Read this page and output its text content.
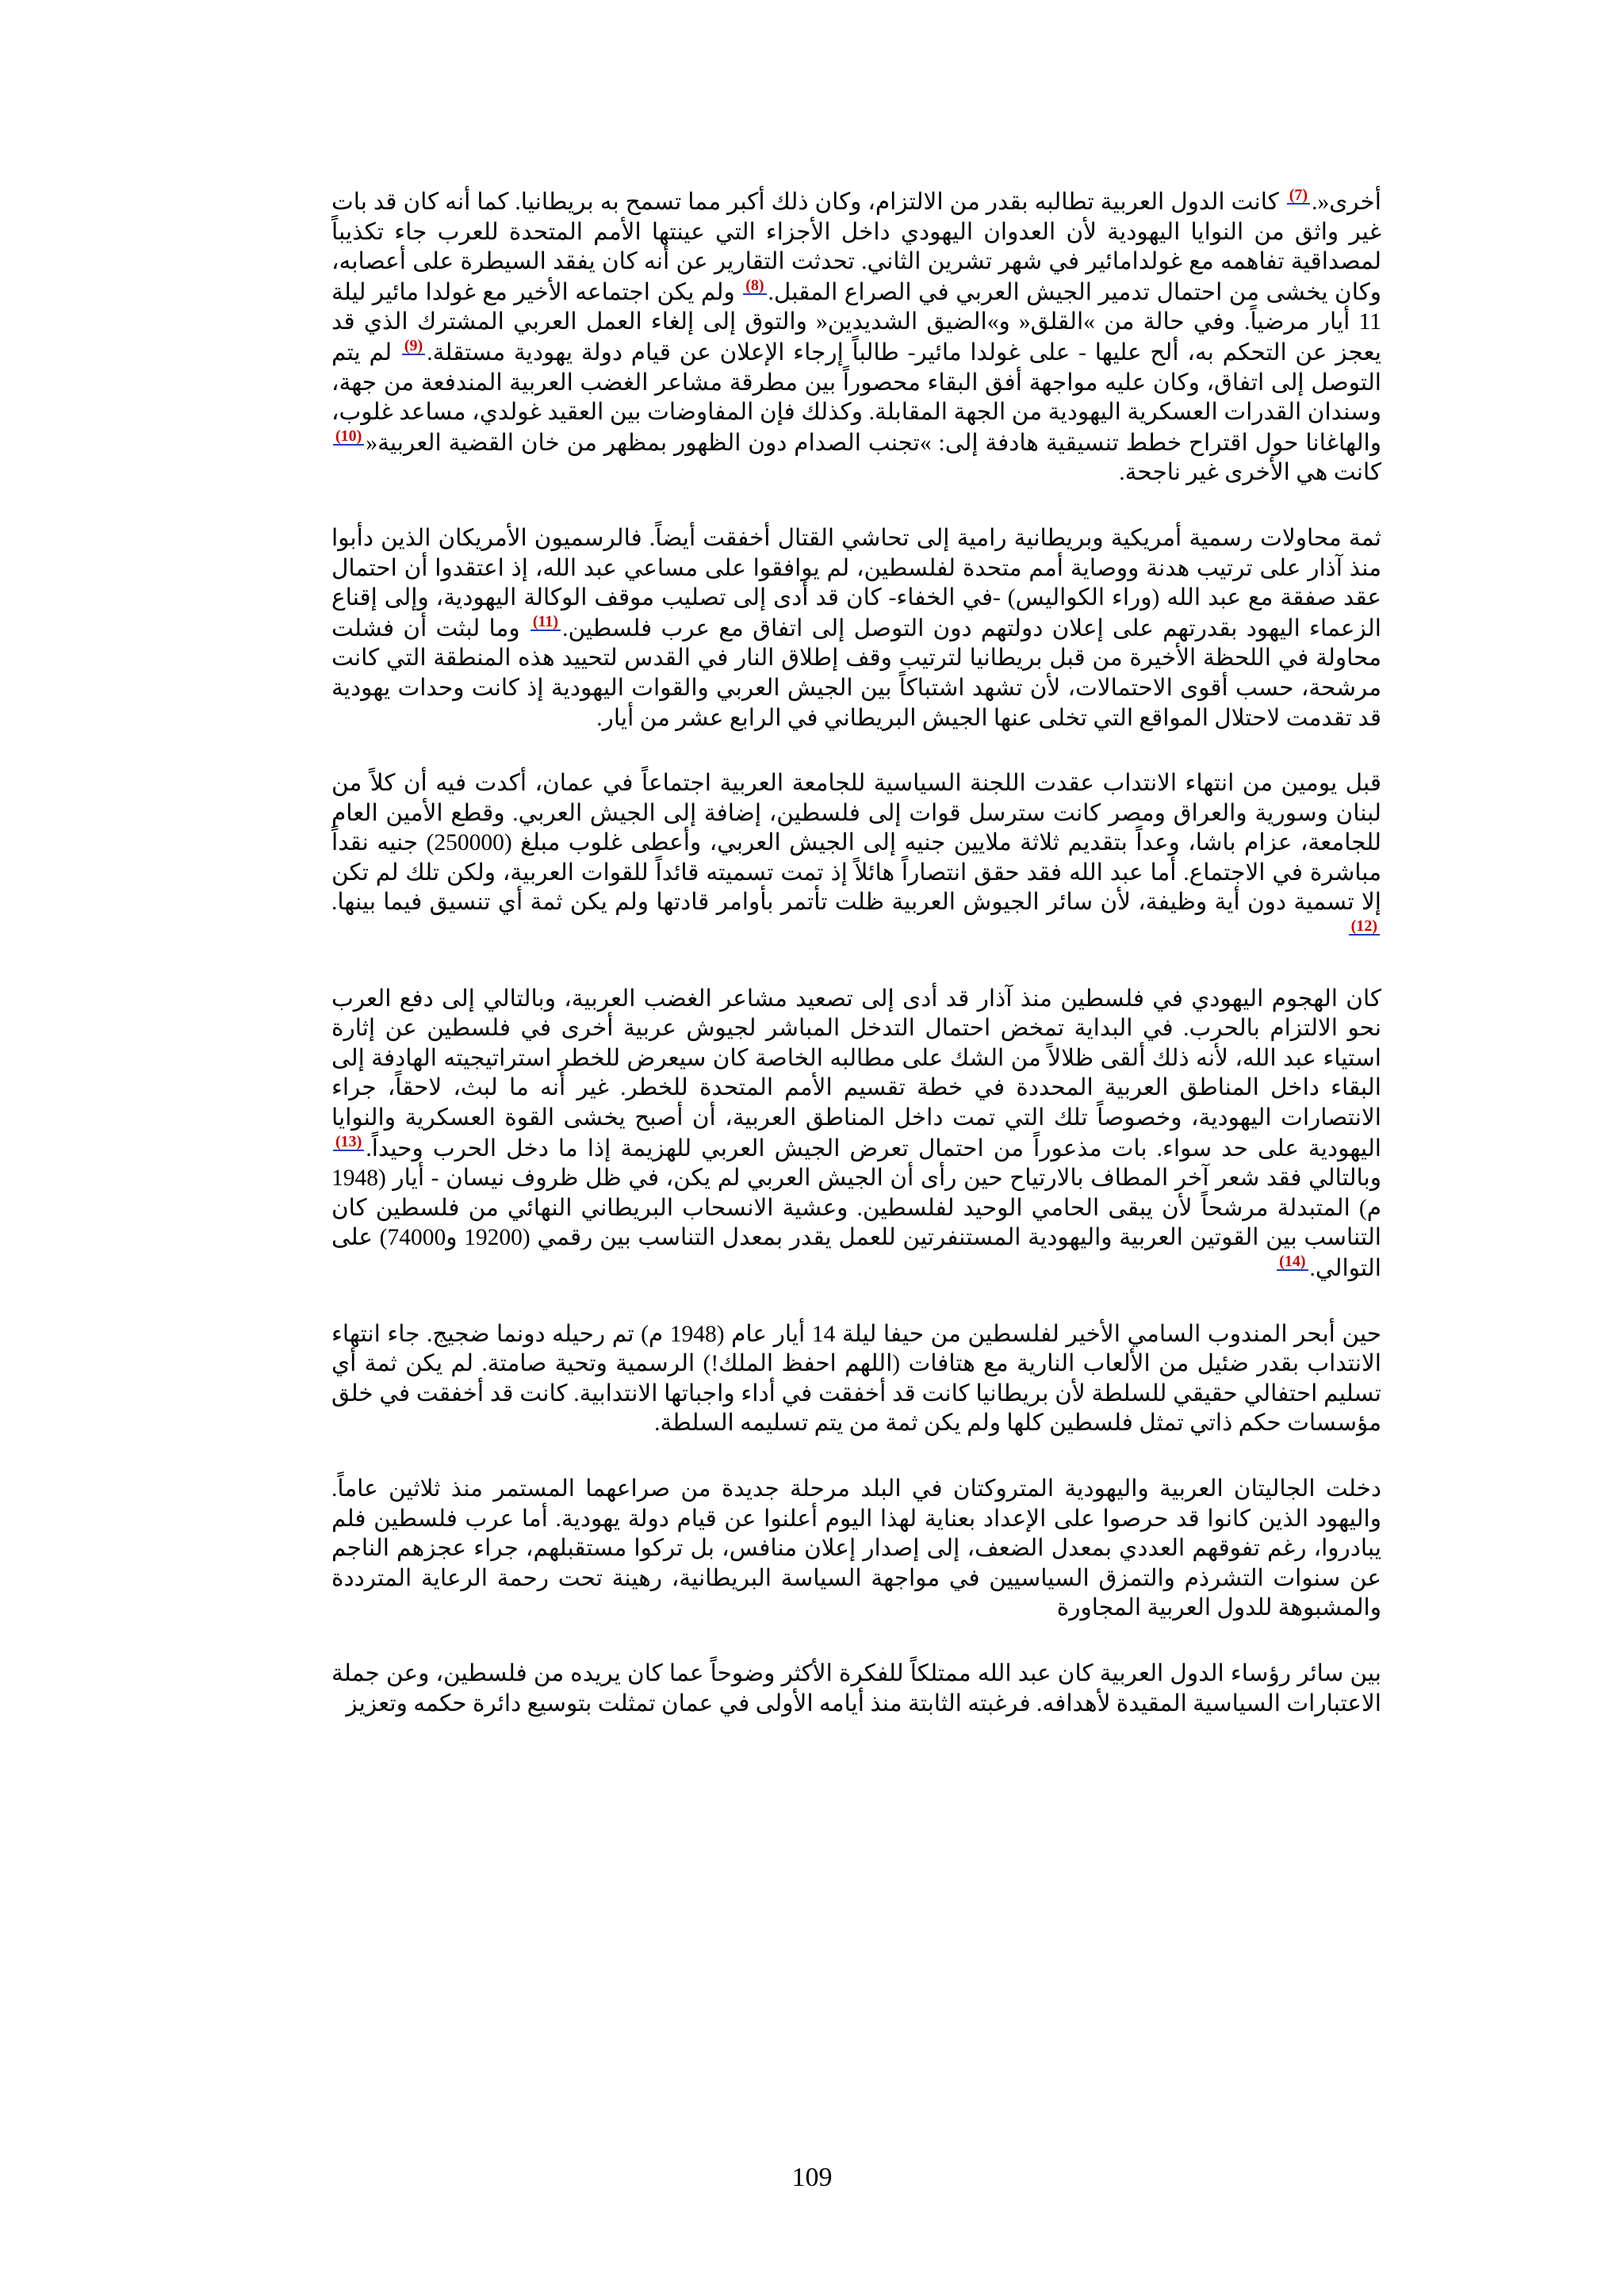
أخرى«.(7) كانت الدول العربية تطالبه بقدر من الالتزام، وكان ذلك أكبر مما تسمح به بريطانيا. كما أنه كان قد بات غير واثق من النوايا اليهودية لأن العدوان اليهودي داخل الأجزاء التي عينتها الأمم المتحدة للعرب جاء تكذيباً لمصداقية تفاهمه مع غولدامائير في شهر تشرين الثاني. تحدثت التقارير عن أنه كان يفقد السيطرة على أعصابه، وكان يخشى من احتمال تدمير الجيش العربي في الصراع المقبل.(8) ولم يكن اجتماعه الأخير مع غولدا مائير ليلة 11 أيار مرضياً. وفي حالة من »القلق« و»الضيق الشديدين« والتوق إلى إلغاء العمل العربي المشترك الذي قد يعجز عن التحكم به، ألح عليها - على غولدا مائير- طالباً إرجاء الإعلان عن قيام دولة يهودية مستقلة.(9) لم يتم التوصل إلى اتفاق، وكان عليه مواجهة أفق البقاء محصوراً بين مطرقة مشاعر الغضب العربية المندفعة من جهة، وسندان القدرات العسكرية اليهودية من الجهة المقابلة. وكذلك فإن المفاوضات بين العقيد غولدي، مساعد غلوب، والهاغانا حول اقتراح خطط تنسيقية هادفة إلى: »تجنب الصدام دون الظهور بمظهر من خان القضية العربية«(10) كانت هي الأخرى غير ناجحة.

ثمة محاولات رسمية أمريكية وبريطانية رامية إلى تحاشي القتال أخفقت أيضاً. فالرسميون الأمريكان الذين دأبوا منذ آذار على ترتيب هدنة ووصاية أمم متحدة لفلسطين، لم يوافقوا على مساعي عبد الله، إذ اعتقدوا أن احتمال عقد صفقة مع عبد الله (وراء الكواليس) -في الخفاء- كان قد أدى إلى تصليب موقف الوكالة اليهودية، وإلى إقناع الزعماء اليهود بقدرتهم على إعلان دولتهم دون التوصل إلى اتفاق مع عرب فلسطين.(11) وما لبثت أن فشلت محاولة في اللحظة الأخيرة من قبل بريطانيا لترتيب وقف إطلاق النار في القدس لتحييد هذه المنطقة التي كانت مرشحة، حسب أقوى الاحتمالات، لأن تشهد اشتباكاً بين الجيش العربي والقوات اليهودية إذ كانت وحدات يهودية قد تقدمت لاحتلال المواقع التي تخلى عنها الجيش البريطاني في الرابع عشر من أيار.

قبل يومين من انتهاء الانتداب عقدت اللجنة السياسية للجامعة العربية اجتماعاً في عمان، أكدت فيه أن كلاً من لبنان وسورية والعراق ومصر كانت سترسل قوات إلى فلسطين، إضافة إلى الجيش العربي. وقطع الأمين العام للجامعة، عزام باشا، وعداً بتقديم ثلاثة ملايين جنيه إلى الجيش العربي، وأعطى غلوب مبلغ (250000) جنيه نقداً مباشرة في الاجتماع. أما عبد الله فقد حقق انتصاراً هائلاً إذ تمت تسميته قائداً للقوات العربية، ولكن تلك لم تكن إلا تسمية دون أية وظيفة، لأن سائر الجيوش العربية ظلت تأتمر بأوامر قادتها ولم يكن ثمة أي تنسيق فيما بينها.(12)

كان الهجوم اليهودي في فلسطين منذ آذار قد أدى إلى تصعيد مشاعر الغضب العربية، وبالتالي إلى دفع العرب نحو الالتزام بالحرب. في البداية تمخض احتمال التدخل المباشر لجيوش عربية أخرى في فلسطين عن إثارة استياء عبد الله، لأنه ذلك ألقى ظلالاً من الشك على مطالبه الخاصة كان سيعرض للخطر استراتيجيته الهادفة إلى البقاء داخل المناطق العربية المحددة في خطة تقسيم الأمم المتحدة للخطر. غير أنه ما لبث، لاحقاً، جراء الانتصارات اليهودية، وخصوصاً تلك التي تمت داخل المناطق العربية، أن أصبح يخشى القوة العسكرية والنوايا اليهودية على حد سواء. بات مذعوراً من احتمال تعرض الجيش العربي للهزيمة إذا ما دخل الحرب وحيداً.(13) وبالتالي فقد شعر آخر المطاف بالارتياح حين رأى أن الجيش العربي لم يكن، في ظل ظروف نيسان - أيار (1948 م) المتبدلة مرشحاً لأن يبقى الحامي الوحيد لفلسطين. وعشية الانسحاب البريطاني النهائي من فلسطين كان التناسب بين القوتين العربية واليهودية المستنفرتين للعمل يقدر بمعدل التناسب بين رقمي (19200 و74000) على التوالي.(14)

حين أبحر المندوب السامي الأخير لفلسطين من حيفا ليلة 14 أيار عام (1948 م) تم رحيله دونما ضجيج. جاء انتهاء الانتداب بقدر ضئيل من الألعاب النارية مع هتافات (اللهم احفظ الملك!) الرسمية وتحية صامتة. لم يكن ثمة أي تسليم احتفالي حقيقي للسلطة لأن بريطانيا كانت قد أخفقت في أداء واجباتها الانتدابية. كانت قد أخفقت في خلق مؤسسات حكم ذاتي تمثل فلسطين كلها ولم يكن ثمة من يتم تسليمه السلطة.

دخلت الجاليتان العربية واليهودية المتروكتان في البلد مرحلة جديدة من صراعهما المستمر منذ ثلاثين عاماً. واليهود الذين كانوا قد حرصوا على الإعداد بعناية لهذا اليوم أعلنوا عن قيام دولة يهودية. أما عرب فلسطين فلم يبادروا، رغم تفوقهم العددي بمعدل الضعف، إلى إصدار إعلان منافس، بل تركوا مستقبلهم، جراء عجزهم الناجم عن سنوات التشرذم والتمزق السياسيين في مواجهة السياسة البريطانية، رهينة تحت رحمة الرعاية المترددة والمشبوهة للدول العربية المجاورة

بين سائر رؤساء الدول العربية كان عبد الله ممتلكاً للفكرة الأكثر وضوحاً عما كان يريده من فلسطين، وعن جملة الاعتبارات السياسية المقيدة لأهدافه. فرغبته الثابتة منذ أيامه الأولى في عمان تمثلت بتوسيع دائرة حكمه وتعزيز

109
